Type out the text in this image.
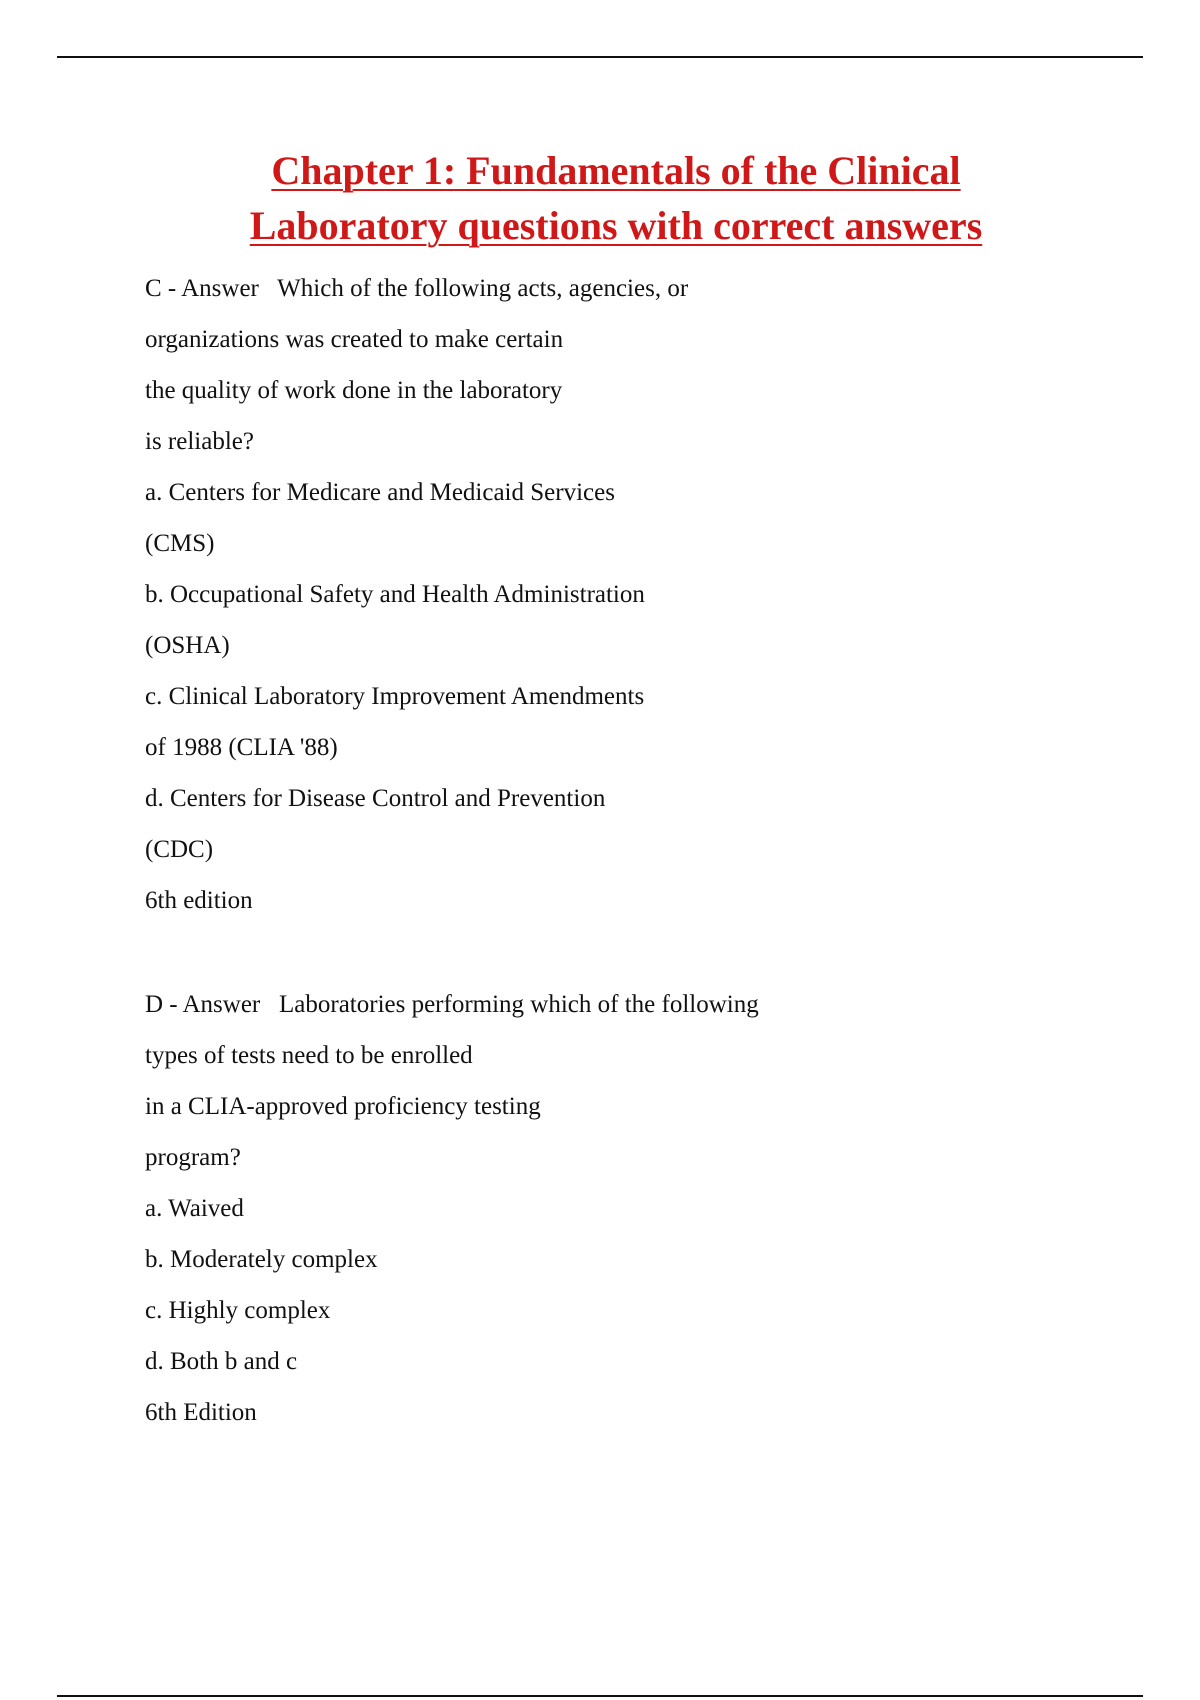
Chapter 1: Fundamentals of the Clinical
Laboratory questions with correct answers
C - Answer   Which of the following acts, agencies, or
organizations was created to make certain
the quality of work done in the laboratory
is reliable?
a. Centers for Medicare and Medicaid Services
(CMS)
b. Occupational Safety and Health Administration
(OSHA)
c. Clinical Laboratory Improvement Amendments
of 1988 (CLIA '88)
d. Centers for Disease Control and Prevention
(CDC)
6th edition
D - Answer   Laboratories performing which of the following
types of tests need to be enrolled
in a CLIA-approved proficiency testing
program?
a. Waived
b. Moderately complex
c. Highly complex
d. Both b and c
6th Edition
